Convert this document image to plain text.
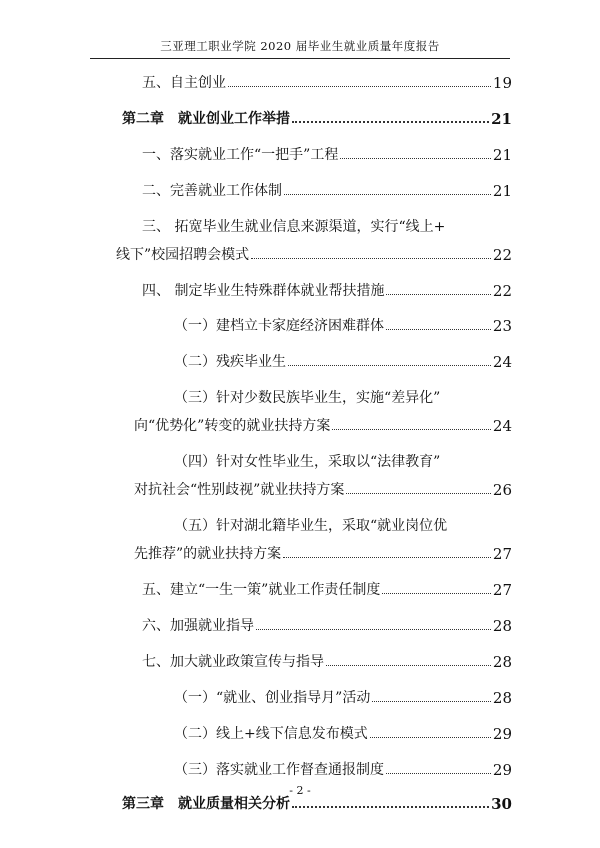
三亚理工职业学院 2020 届毕业生就业质量年度报告
五、自主创业	19
第二章　就业创业工作举措	21
一、落实就业工作“一把手”工程	21
二、完善就业工作体制	21
三、 拓宽毕业生就业信息来源渠道，实行“线上+
线下”校园招聘会模式	22
四、 制定毕业生特殊群体就业帮扶措施	22
（一）建档立卡家庭经济困难群体	23
（二）残疾毕业生	24
（三）针对少数民族毕业生，实施“差异化”
向“优势化”转变的就业扶持方案	24
（四）针对女性毕业生，采取以“法律教育”
对抗社会“性别歧视”就业扶持方案	26
（五）针对湖北籍毕业生，采取“就业岗位优
先推荐”的就业扶持方案	27
五、建立“一生一策”就业工作责任制度	27
六、加强就业指导	28
七、加大就业政策宣传与指导	28
（一）“就业、创业指导月”活动	28
（二）线上+线下信息发布模式	29
（三）落实就业工作督查通报制度	29
第三章　就业质量相关分析	30
- 2 -
